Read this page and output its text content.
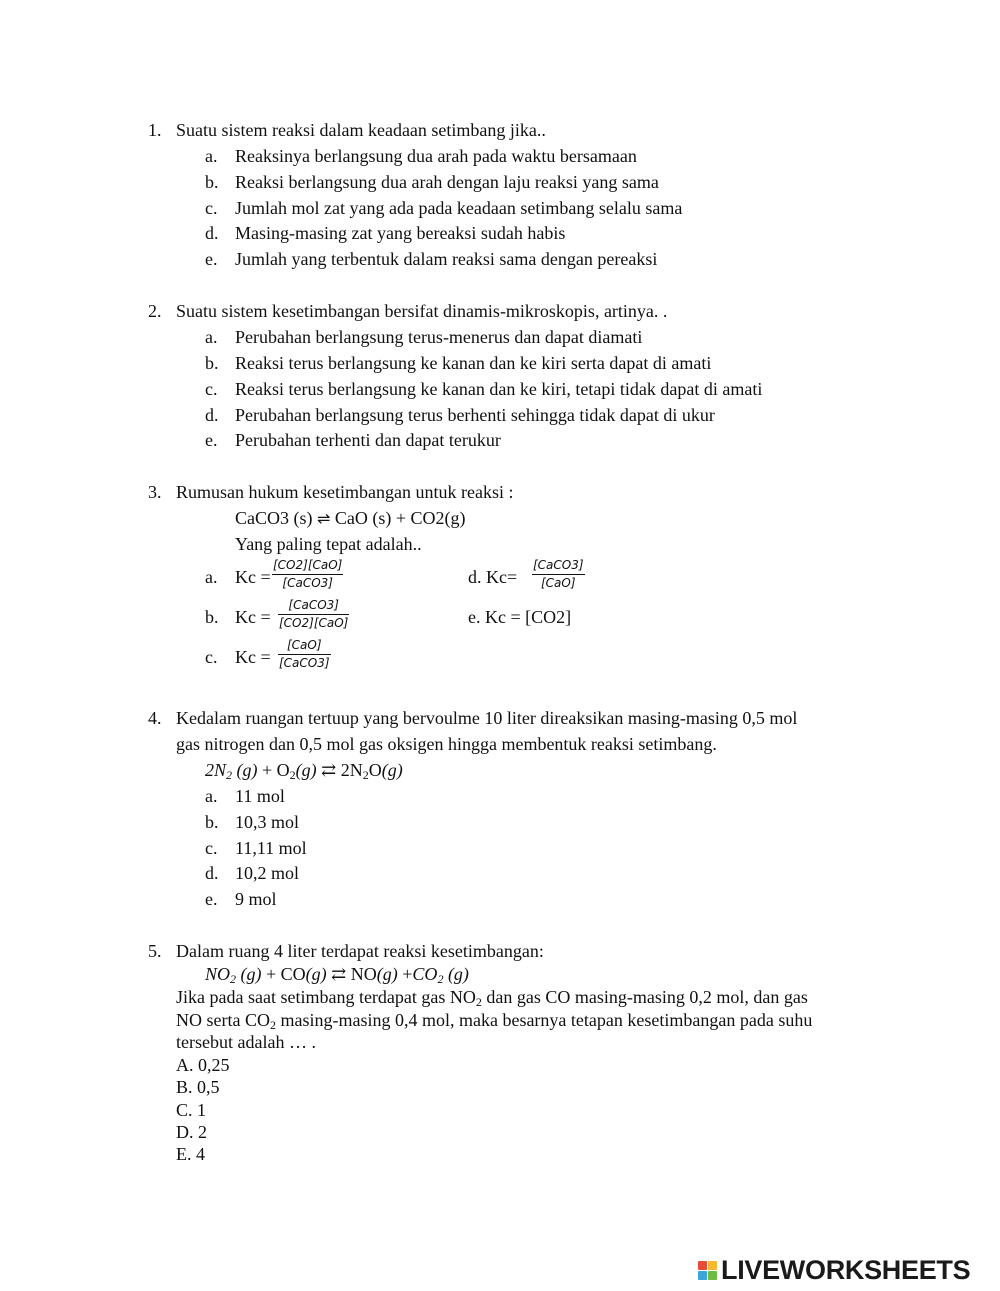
1. Suatu sistem reaksi dalam keadaan setimbang jika..
a. Reaksinya berlangsung dua arah pada waktu bersamaan
b. Reaksi berlangsung dua arah dengan laju reaksi yang sama
c. Jumlah mol zat yang ada pada keadaan setimbang selalu sama
d. Masing-masing zat yang bereaksi sudah habis
e. Jumlah yang terbentuk dalam reaksi sama dengan pereaksi
2. Suatu sistem kesetimbangan bersifat dinamis-mikroskopis, artinya. .
a. Perubahan berlangsung terus-menerus dan dapat diamati
b. Reaksi terus berlangsung ke kanan dan ke kiri serta dapat di amati
c. Reaksi terus berlangsung ke kanan dan ke kiri, tetapi tidak dapat di amati
d. Perubahan berlangsung terus berhenti sehingga tidak dapat di ukur
e. Perubahan terhenti dan dapat terukur
3. Rumusan hukum kesetimbangan untuk reaksi :
CaCO3 (s) ⇌ CaO (s) + CO2(g)
Yang paling tepat adalah..
a. Kc =
[CO2][CaO]
[CaCO3]	d. Kc=
[CaCO3]
[CaO]
b. Kc =
[CaCO3]
[CO2][CaO]	e. Kc = [CO2]
c. Kc =
[CaO]
[CaCO3]
4. Kedalam ruangan tertuup yang bervoulme 10 liter direaksikan masing-masing 0,5 mol
gas nitrogen dan 0,5 mol gas oksigen hingga membentuk reaksi setimbang.
$2N_2$ $(g) + O_2(g)$ ⇄ $2N_2O(g)$
a. 11 mol
b. 10,3 mol
c. 11,11 mol
d. 10,2 mol
e. 9 mol
5. Dalam ruang 4 liter terdapat reaksi kesetimbangan:
$NO_2$ (g) + CO(g) ⇄ $NO(g) +CO_2$ (g)
Jika pada saat setimbang terdapat gas $NO_2$ dan gas CO masing-masing 0,2 mol, dan gas
NO serta $CO_2$ masing-masing 0,4 mol, maka besarnya tetapan kesetimbangan pada suhu
tersebut adalah … .
A. 0,25
B. 0,5
C. 1
D. 2
E. 4
LIVEWORKSHEETS
